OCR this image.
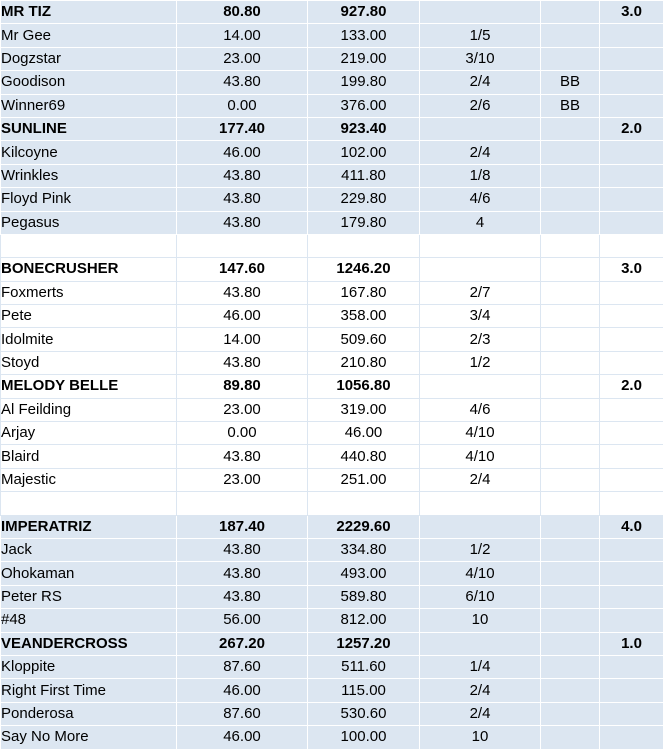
MR TIZ	80.80	927.80			3.0
Mr Gee	14.00	133.00	1/5		
Dogzstar	23.00	219.00	3/10		
Goodison	43.80	199.80	2/4	BB	
Winner69	0.00	376.00	2/6	BB	
SUNLINE	177.40	923.40			2.0
Kilcoyne	46.00	102.00	2/4		
Wrinkles	43.80	411.80	1/8		
Floyd Pink	43.80	229.80	4/6		
Pegasus	43.80	179.80	4		

BONECRUSHER	147.60	1246.20			3.0
Foxmerts	43.80	167.80	2/7		
Pete	46.00	358.00	3/4		
Idolmite	14.00	509.60	2/3		
Stoyd	43.80	210.80	1/2		
MELODY BELLE	89.80	1056.80			2.0
Al Feilding	23.00	319.00	4/6		
Arjay	0.00	46.00	4/10		
Blaird	43.80	440.80	4/10		
Majestic	23.00	251.00	2/4		

IMPERATRIZ	187.40	2229.60			4.0
Jack	43.80	334.80	1/2		
Ohokaman	43.80	493.00	4/10		
Peter RS	43.80	589.80	6/10		
#48	56.00	812.00	10		
VEANDERCROSS	267.20	1257.20			1.0
Kloppite	87.60	511.60	1/4		
Right First Time	46.00	115.00	2/4		
Ponderosa	87.60	530.60	2/4		
Say No More	46.00	100.00	10		
